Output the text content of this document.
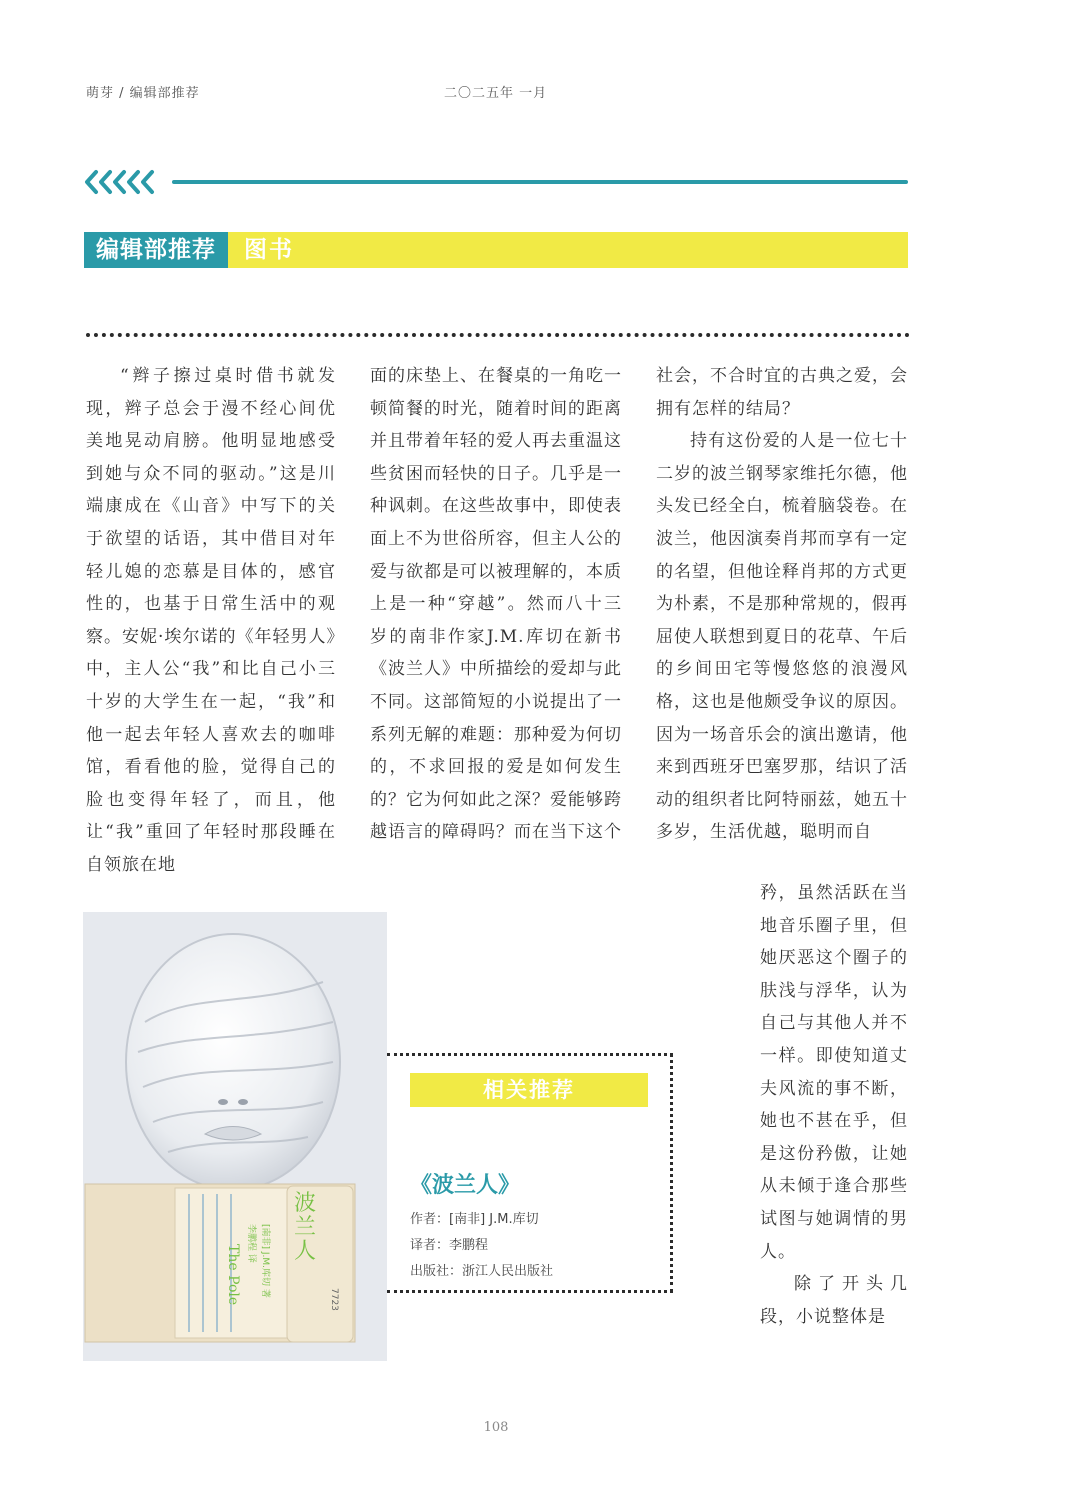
萌芽 / 编辑部推荐	二〇二五年 一月
编辑部推荐	图书

“辫子擦过桌时借书就发现，辫子总会于漫不经心间优美地晃动肩膀。他明显地感受到她与众不同的驱动。”这是川端康成在《山音》中写下的关于欲望的话语，其中借目对年轻儿媳的恋慕是目体的，感官性的，也基于日常生活中的观察。安妮·埃尔诺的《年轻男人》中，主人公“我”和比自己小三十岁的大学生在一起，“我”和他一起去年轻人喜欢去的咖啡馆，看看他的脸，觉得自己的脸也变得年轻了，而且，他让“我”重回了年轻时那段睡在自领旅在地

面的床垫上、在餐桌的一角吃一顿简餐的时光，随着时间的距离并且带着年轻的爱人再去重温这些贫困而轻快的日子。几乎是一种讽刺。在这些故事中，即使表面上不为世俗所容，但主人公的爱与欲都是可以被理解的，本质上是一种“穿越”。然而八十三岁的南非作家J.M.库切在新书《波兰人》中所描绘的爱却与此不同。这部简短的小说提出了一系列无解的难题：那种爱为何切的，不求回报的爱是如何发生的？它为何如此之深？爱能够跨越语言的障碍吗？而在当下这个

社会，不合时宜的古典之爱，会拥有怎样的结局？

持有这份爱的人是一位七十二岁的波兰钢琴家维托尔德，他头发已经全白，梳着脑袋卷。在波兰，他因演奏肖邦而享有一定的名望，但他诠释肖邦的方式更为朴素，不是那种常规的，假再屈使人联想到夏日的花草、午后的乡间田宅等慢悠悠的浪漫风格，这也是他颇受争议的原因。因为一场音乐会的演出邀请，他来到西班牙巴塞罗那，结识了活动的组织者比阿特丽兹，她五十多岁，生活优越，聪明而自

矜，虽然活跃在当地音乐圈子里，但她厌恶这个圈子的肤浅与浮华，认为自己与其他人并不一样。即使知道丈夫风流的事不断，她也不甚在乎，但是这份矜傲，让她从未倾于逢合那些试图与她调情的男人。

除了开头几段，小说整体是

波兰人
The Pole [南非] J.M.库切 著
李鹏程 译
7723
相关推荐
《波兰人》
作者：[南非] J.M.库切
译者：李鹏程
出版社：浙江人民出版社
108
